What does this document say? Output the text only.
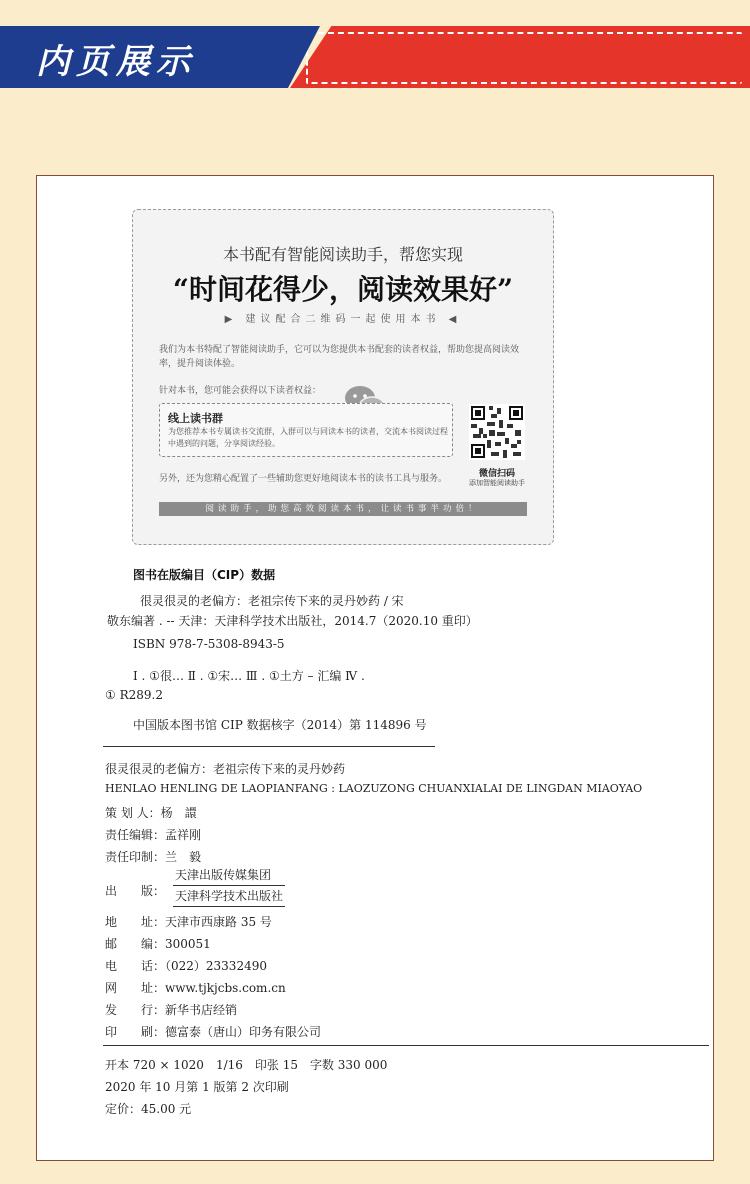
内页展示
本书配有智能阅读助手，帮您实现
“时间花得少，阅读效果好”
▶ 建议配合二维码一起使用本书 ◀
我们为本书特配了智能阅读助手，它可以为您提供本书配套的读者权益，帮助您提高阅读效率，提升阅读体验。
针对本书，您可能会获得以下读者权益：
线上读书群
为您推荐本书专属读书交流群，入群可以与同读本书的读者，交流本书阅读过程中遇到的问题，分享阅读经验。
微信扫码
添加智能阅读助手
另外，还为您精心配置了一些辅助您更好地阅读本书的读书工具与服务。
阅读助手，助您高效阅读本书，让读书事半功倍！
图书在版编目（CIP）数据
很灵很灵的老偏方：老祖宗传下来的灵丹妙药 / 宋
敬东编著 . -- 天津：天津科学技术出版社，2014.7（2020.10 重印）
ISBN 978-7-5308-8943-5
Ⅰ . ①很… Ⅱ . ①宋… Ⅲ . ①土方 – 汇编 Ⅳ .
① R289.2
中国版本图书馆 CIP 数据核字（2014）第 114896 号
很灵很灵的老偏方：老祖宗传下来的灵丹妙药
HENLAO HENLING DE LAOPIANFANG : LAOZUZONG CHUANXIALAI DE LINGDAN MIAOYAO
策 划 人：杨　譞
责任编辑：孟祥刚
责任印制：兰　毅
出　　版：
天津出版传媒集团
天津科学技术出版社
地　　址：天津市西康路 35 号
邮　　编：300051
电　　话：（022）23332490
网　　址：www.tjkjcbs.com.cn
发　　行：新华书店经销
印　　刷：德富泰（唐山）印务有限公司
开本 720 × 1020　1/16　印张 15　字数 330 000
2020 年 10 月第 1 版第 2 次印刷
定价：45.00 元
